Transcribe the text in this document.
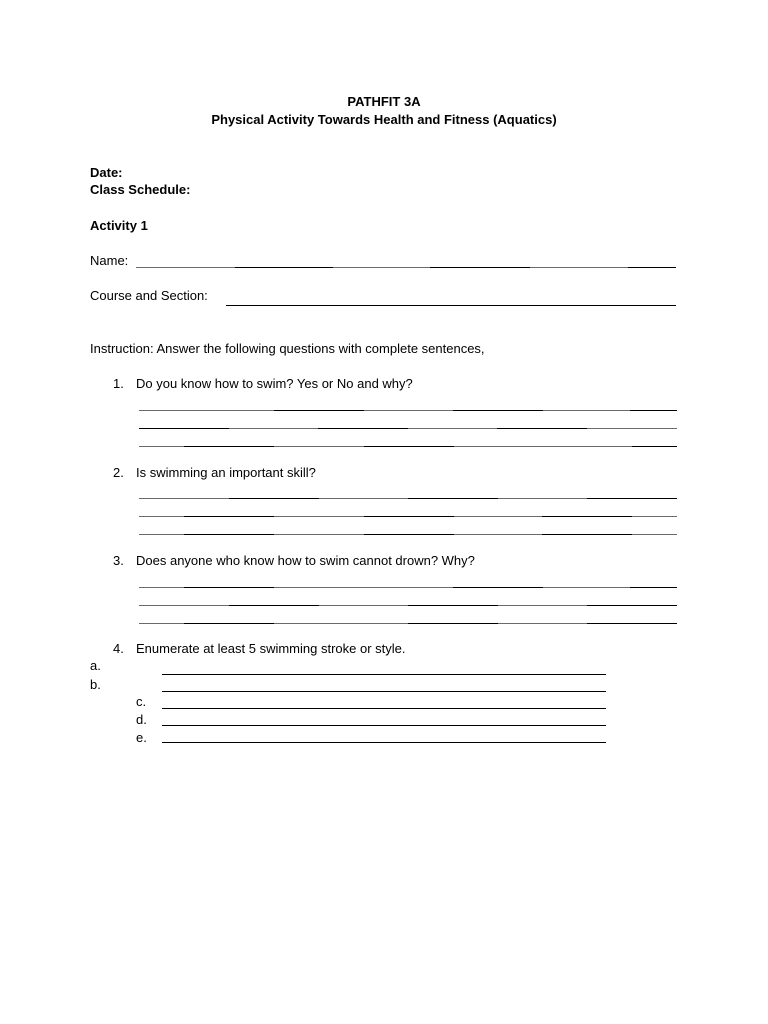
PATHFIT 3A
Physical Activity Towards Health and Fitness (Aquatics)
Date:
Class Schedule:
Activity 1
Name:
Course and Section:
Instruction: Answer the following questions with complete sentences,
1. Do you know how to swim? Yes or No and why?
2. Is swimming an important skill?
3. Does anyone who know how to swim cannot drown? Why?
4. Enumerate at least 5 swimming stroke or style.
a.
b.
c.
d.
e.
